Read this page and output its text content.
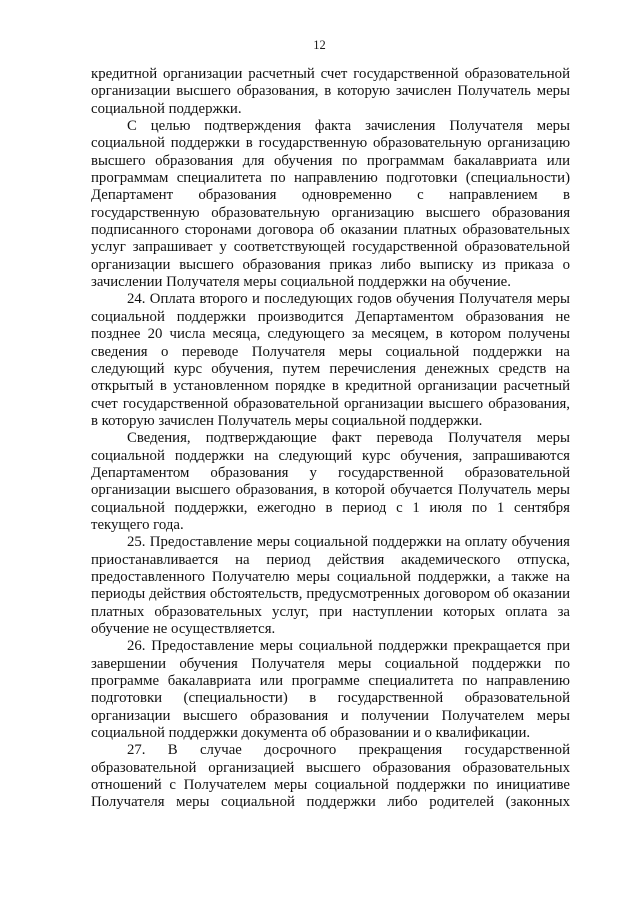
12

кредитной организации расчетный счет государственной образовательной организации высшего образования, в которую зачислен Получатель меры социальной поддержки.

С целью подтверждения факта зачисления Получателя меры социальной поддержки в государственную образовательную организацию высшего образования для обучения по программам бакалавриата или программам специалитета по направлению подготовки (специальности) Департамент образования одновременно с направлением в государственную образовательную организацию высшего образования подписанного сторонами договора об оказании платных образовательных услуг запрашивает у соответствующей государственной образовательной организации высшего образования приказ либо выписку из приказа о зачислении Получателя меры социальной поддержки на обучение.

24. Оплата второго и последующих годов обучения Получателя меры социальной поддержки производится Департаментом образования не позднее 20 числа месяца, следующего за месяцем, в котором получены сведения о переводе Получателя меры социальной поддержки на следующий курс обучения, путем перечисления денежных средств на открытый в установленном порядке в кредитной организации расчетный счет государственной образовательной организации высшего образования, в которую зачислен Получатель меры социальной поддержки.

Сведения, подтверждающие факт перевода Получателя меры социальной поддержки на следующий курс обучения, запрашиваются Департаментом образования у государственной образовательной организации высшего образования, в которой обучается Получатель меры социальной поддержки, ежегодно в период с 1 июля по 1 сентября текущего года.

25. Предоставление меры социальной поддержки на оплату обучения приостанавливается на период действия академического отпуска, предоставленного Получателю меры социальной поддержки, а также на периоды действия обстоятельств, предусмотренных договором об оказании платных образовательных услуг, при наступлении которых оплата за обучение не осуществляется.

26. Предоставление меры социальной поддержки прекращается при завершении обучения Получателя меры социальной поддержки по программе бакалавриата или программе специалитета по направлению подготовки (специальности) в государственной образовательной организации высшего образования и получении Получателем меры социальной поддержки документа об образовании и о квалификации.

27. В случае досрочного прекращения государственной образовательной организацией высшего образования образовательных отношений с Получателем меры социальной поддержки по инициативе Получателя меры социальной поддержки либо родителей (законных
